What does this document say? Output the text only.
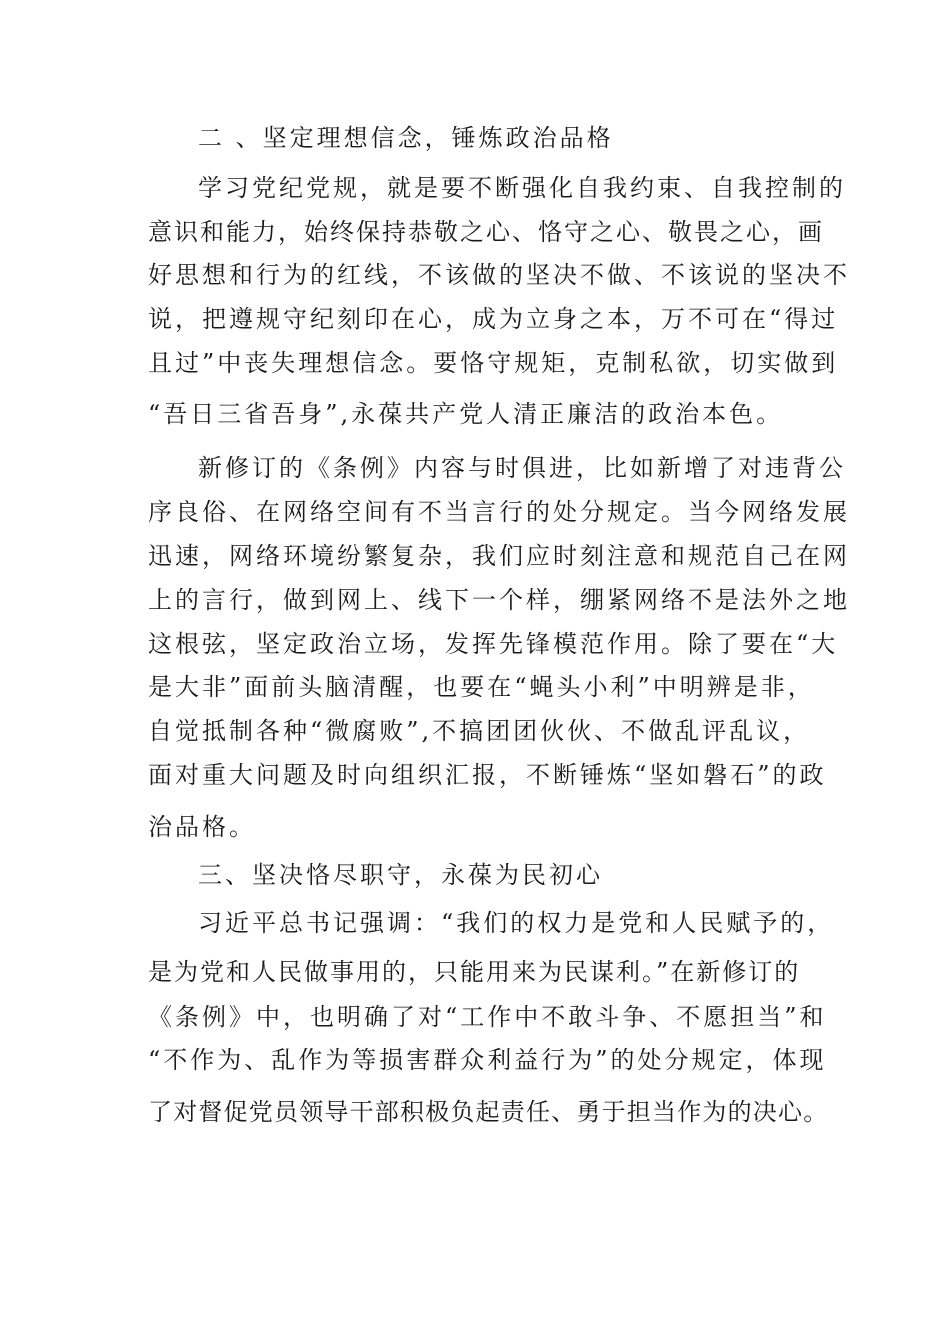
二 、坚定理想信念，锤炼政治品格
学习党纪党规，就是要不断强化自我约束、自我控制的
意识和能力，始终保持恭敬之心、恪守之心、敬畏之心，画
好思想和行为的红线，不该做的坚决不做、不该说的坚决不
说，把遵规守纪刻印在心，成为立身之本，万不可在“得过
且过”中丧失理想信念。要恪守规矩，克制私欲，切实做到
“吾日三省吾身”,永葆共产党人清正廉洁的政治本色。
新修订的《条例》内容与时俱进，比如新增了对违背公
序良俗、在网络空间有不当言行的处分规定。当今网络发展
迅速，网络环境纷繁复杂，我们应时刻注意和规范自己在网
上的言行，做到网上、线下一个样，绷紧网络不是法外之地
这根弦，坚定政治立场，发挥先锋模范作用。除了要在“大
是大非”面前头脑清醒，也要在“蝇头小利”中明辨是非，
自觉抵制各种“微腐败”,不搞团团伙伙、不做乱评乱议，
面对重大问题及时向组织汇报，不断锤炼“坚如磐石”的政
治品格。
三、坚决恪尽职守，永葆为民初心
习近平总书记强调：“我们的权力是党和人民赋予的，
是为党和人民做事用的，只能用来为民谋利。”在新修订的
《条例》中，也明确了对“工作中不敢斗争、不愿担当”和
“不作为、乱作为等损害群众利益行为”的处分规定，体现
了对督促党员领导干部积极负起责任、勇于担当作为的决心。
